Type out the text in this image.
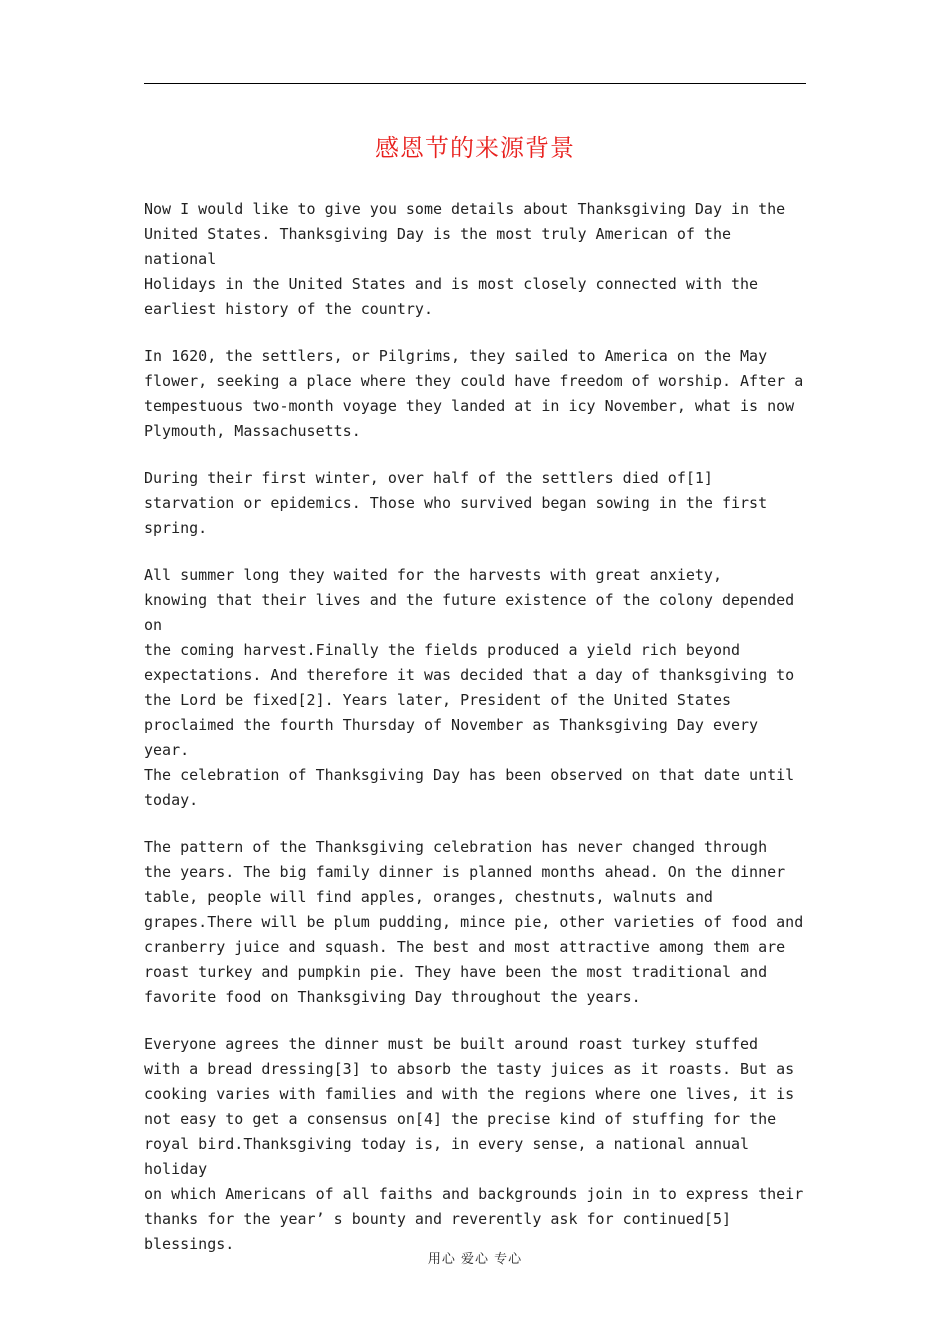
感恩节的来源背景

Now I would like to give you some details about Thanksgiving Day in the
United States. Thanksgiving Day is the most truly American of the national
Holidays in the United States and is most closely connected with the
earliest history of the country.

In 1620, the settlers, or Pilgrims, they sailed to America on the May
flower, seeking a place where they could have freedom of worship. After a
tempestuous two-month voyage they landed at in icy November, what is now
Plymouth, Massachusetts.

During their first winter, over half of the settlers died of[1]
starvation or epidemics. Those who survived began sowing in the first
spring.

All summer long they waited for the harvests with great anxiety,
knowing that their lives and the future existence of the colony depended on
the coming harvest.Finally the fields produced a yield rich beyond
expectations. And therefore it was decided that a day of thanksgiving to
the Lord be fixed[2]. Years later, President of the United States
proclaimed the fourth Thursday of November as Thanksgiving Day every year.
The celebration of Thanksgiving Day has been observed on that date until
today.

The pattern of the Thanksgiving celebration has never changed through
the years. The big family dinner is planned months ahead. On the dinner
table, people will find apples, oranges, chestnuts, walnuts and
grapes.There will be plum pudding, mince pie, other varieties of food and
cranberry juice and squash. The best and most attractive among them are
roast turkey and pumpkin pie. They have been the most traditional and
favorite food on Thanksgiving Day throughout the years.

Everyone agrees the dinner must be built around roast turkey stuffed
with a bread dressing[3] to absorb the tasty juices as it roasts. But as
cooking varies with families and with the regions where one lives, it is
not easy to get a consensus on[4] the precise kind of stuffing for the
royal bird.Thanksgiving today is, in every sense, a national annual holiday
on which Americans of all faiths and backgrounds join in to express their
thanks for the year’ s bounty and reverently ask for continued[5]
blessings.

用心 爱心 专心
